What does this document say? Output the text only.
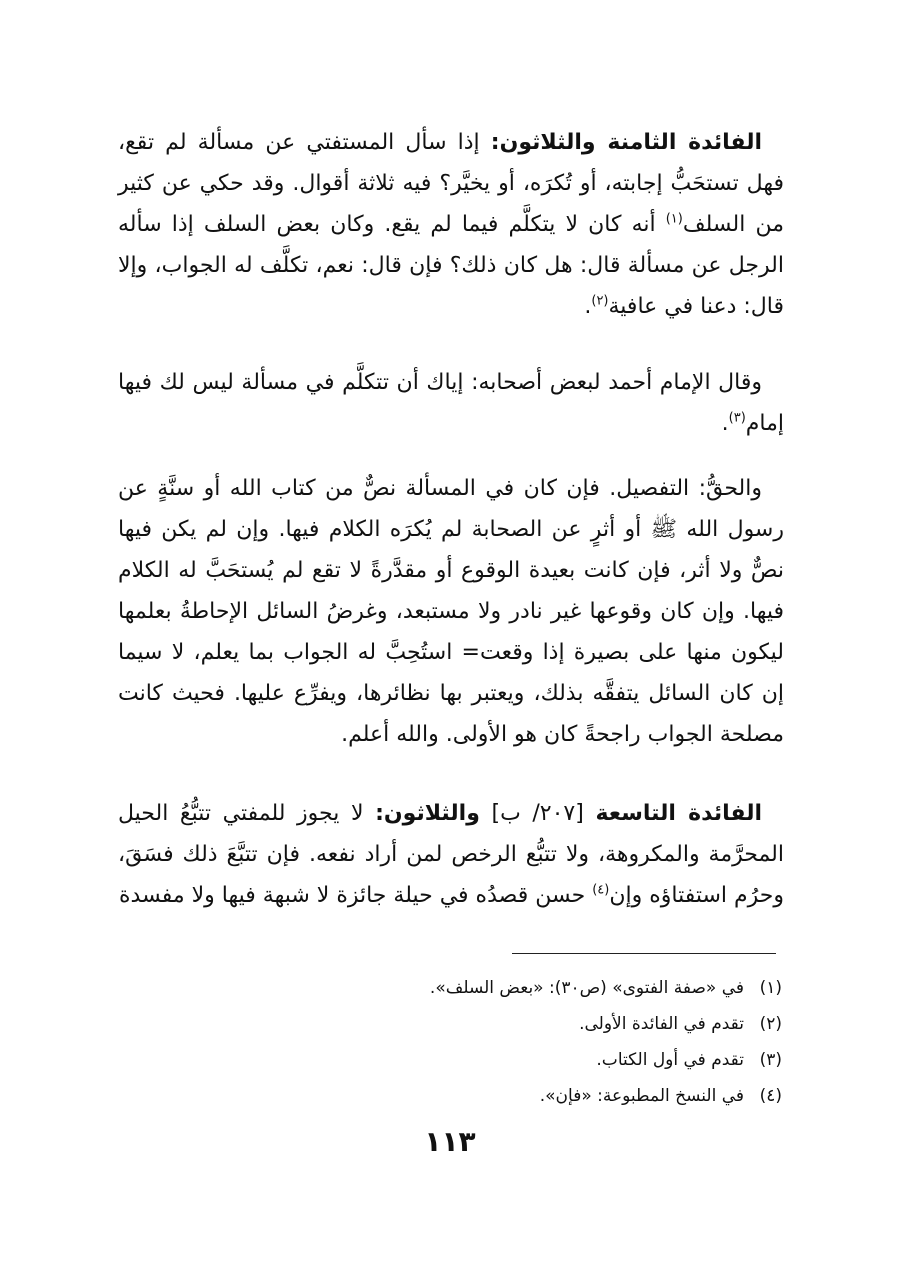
الفائدة الثامنة والثلاثون: إذا سأل المستفتي عن مسألة لم تقع، فهل تستحَبُّ إجابته، أو تُكرَه، أو يخيَّر؟ فيه ثلاثة أقوال. وقد حكي عن كثير من السلف$^{(١)}$ أنه كان لا يتكلَّم فيما لم يقع. وكان بعض السلف إذا سأله الرجل عن مسألة قال: هل كان ذلك؟ فإن قال: نعم، تكلَّف له الجواب، وإلا قال: دعنا في عافية$^{(٢)}$.

وقال الإمام أحمد لبعض أصحابه: إياك أن تتكلَّم في مسألة ليس لك فيها إمام$^{(٣)}$.

والحقُّ: التفصيل. فإن كان في المسألة نصٌّ من كتاب الله أو سنَّةٍ عن رسول الله ﷺ أو أثرٍ عن الصحابة لم يُكرَه الكلام فيها. وإن لم يكن فيها نصٌّ ولا أثر، فإن كانت بعيدة الوقوع أو مقدَّرةً لا تقع لم يُستحَبَّ له الكلام فيها. وإن كان وقوعها غير نادر ولا مستبعد، وغرضُ السائل الإحاطةُ بعلمها ليكون منها على بصيرة إذا وقعت= استُحِبَّ له الجواب بما يعلم، لا سيما إن كان السائل يتفقَّه بذلك، ويعتبر بها نظائرها، ويفرِّع عليها. فحيث كانت مصلحة الجواب راجحةً كان هو الأولى. والله أعلم.

الفائدة التاسعة [٢٠٧/ ب] والثلاثون: لا يجوز للمفتي تتبُّعُ الحيل المحرَّمة والمكروهة، ولا تتبُّع الرخص لمن أراد نفعه. فإن تتبَّعَ ذلك فسَقَ، وحرُم استفتاؤه وإن$^{(٤)}$ حسن قصدُه في حيلة جائزة لا شبهة فيها ولا مفسدة

(١)في «صفة الفتوى» (ص٣٠): «بعض السلف».

(٢)تقدم في الفائدة الأولى.

(٣)تقدم في أول الكتاب.

(٤)في النسخ المطبوعة: «فإن».

١١٣
